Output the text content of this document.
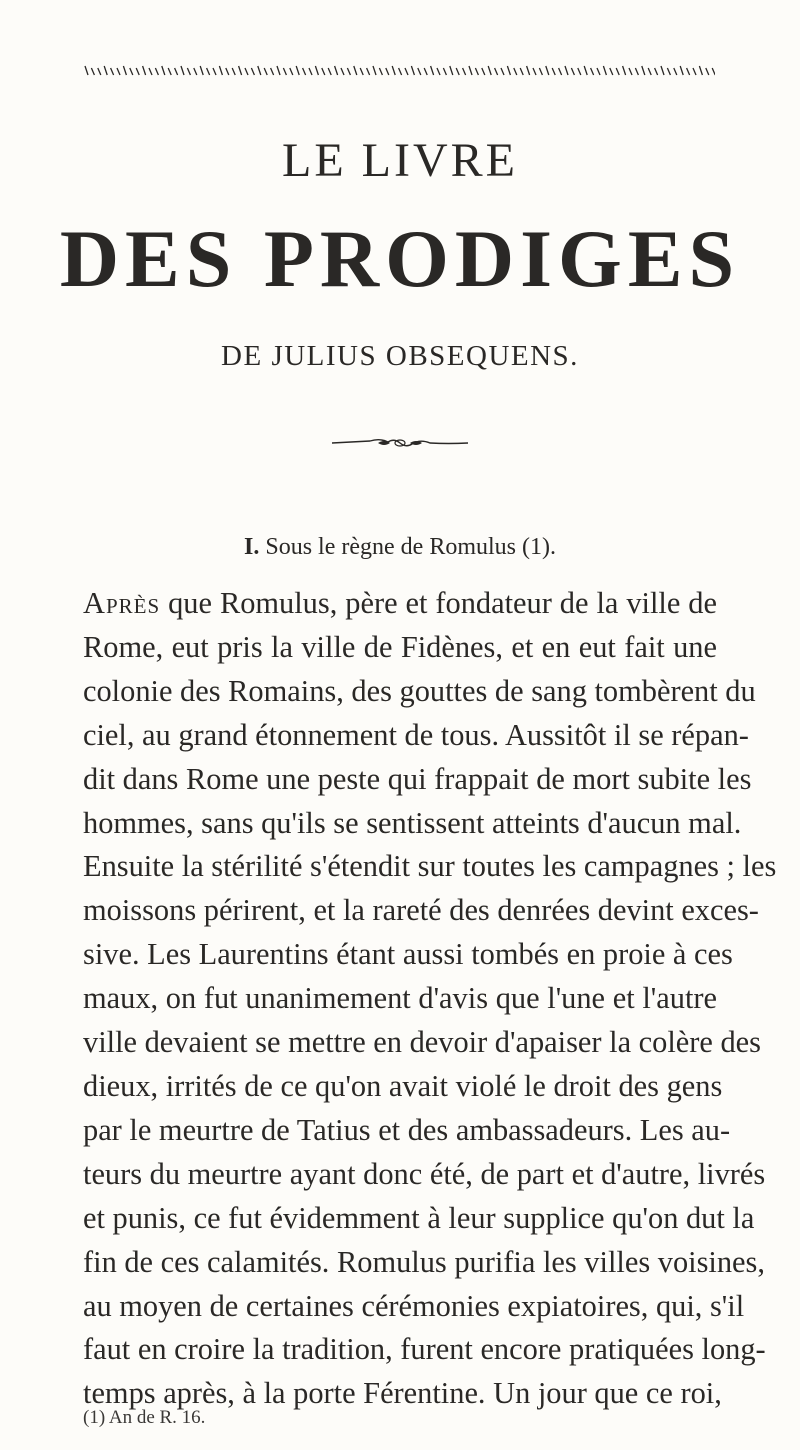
LE LIVRE
DES PRODIGES
DE JULIUS OBSEQUENS.
I. Sous le règne de Romulus (1).
Après que Romulus, père et fondateur de la ville de
Rome, eut pris la ville de Fidènes, et en eut fait une
colonie des Romains, des gouttes de sang tombèrent du
ciel, au grand étonnement de tous. Aussitôt il se répan-
dit dans Rome une peste qui frappait de mort subite les
hommes, sans qu'ils se sentissent atteints d'aucun mal.
Ensuite la stérilité s'étendit sur toutes les campagnes ; les
moissons périrent, et la rareté des denrées devint exces-
sive. Les Laurentins étant aussi tombés en proie à ces
maux, on fut unanimement d'avis que l'une et l'autre
ville devaient se mettre en devoir d'apaiser la colère des
dieux, irrités de ce qu'on avait violé le droit des gens
par le meurtre de Tatius et des ambassadeurs. Les au-
teurs du meurtre ayant donc été, de part et d'autre, livrés
et punis, ce fut évidemment à leur supplice qu'on dut la
fin de ces calamités. Romulus purifia les villes voisines,
au moyen de certaines cérémonies expiatoires, qui, s'il
faut en croire la tradition, furent encore pratiquées long-
temps après, à la porte Férentine. Un jour que ce roi,
(1) An de R. 16.
